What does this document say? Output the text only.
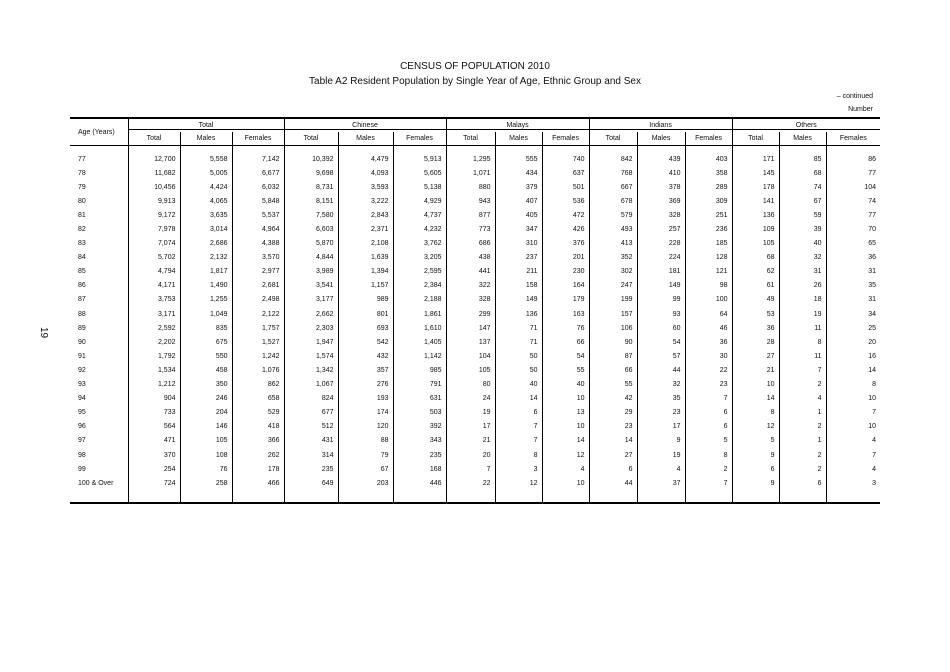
CENSUS OF POPULATION 2010
Table A2 Resident Population by Single Year of Age, Ethnic Group and Sex
– continued
Number
19
Age (Years)	Total			Chinese			Malays			Indians			Others		

	Total	Males	Females	Total	Males	Females	Total	Males	Females	Total	Males	Females	Total	Males	Females

77	12,700	5,558	7,142	10,392	4,479	5,913	1,295	555	740	842	439	403	171	85	86
78	11,682	5,005	6,677	9,698	4,093	5,605	1,071	434	637	768	410	358	145	68	77
79	10,456	4,424	6,032	8,731	3,593	5,138	880	379	501	667	378	289	178	74	104
80	9,913	4,065	5,848	8,151	3,222	4,929	943	407	536	678	369	309	141	67	74
81	9,172	3,635	5,537	7,580	2,843	4,737	877	405	472	579	328	251	136	59	77
82	7,978	3,014	4,964	6,603	2,371	4,232	773	347	426	493	257	236	109	39	70
83	7,074	2,686	4,388	5,870	2,108	3,762	686	310	376	413	228	185	105	40	65
84	5,702	2,132	3,570	4,844	1,639	3,205	438	237	201	352	224	128	68	32	36
85	4,794	1,817	2,977	3,989	1,394	2,595	441	211	230	302	181	121	62	31	31
86	4,171	1,490	2,681	3,541	1,157	2,384	322	158	164	247	149	98	61	26	35
87	3,753	1,255	2,498	3,177	989	2,188	328	149	179	199	99	100	49	18	31
88	3,171	1,049	2,122	2,662	801	1,861	299	136	163	157	93	64	53	19	34
89	2,592	835	1,757	2,303	693	1,610	147	71	76	106	60	46	36	11	25
90	2,202	675	1,527	1,947	542	1,405	137	71	66	90	54	36	28	8	20
91	1,792	550	1,242	1,574	432	1,142	104	50	54	87	57	30	27	11	16
92	1,534	458	1,076	1,342	357	985	105	50	55	66	44	22	21	7	14
93	1,212	350	862	1,067	276	791	80	40	40	55	32	23	10	2	8
94	904	246	658	824	193	631	24	14	10	42	35	7	14	4	10
95	733	204	529	677	174	503	19	6	13	29	23	6	8	1	7
96	564	146	418	512	120	392	17	7	10	23	17	6	12	2	10
97	471	105	366	431	88	343	21	7	14	14	9	5	5	1	4
98	370	108	262	314	79	235	20	8	12	27	19	8	9	2	7
99	254	76	178	235	67	168	7	3	4	6	4	2	6	2	4
100 & Over	724	258	466	649	203	446	22	12	10	44	37	7	9	6	3
